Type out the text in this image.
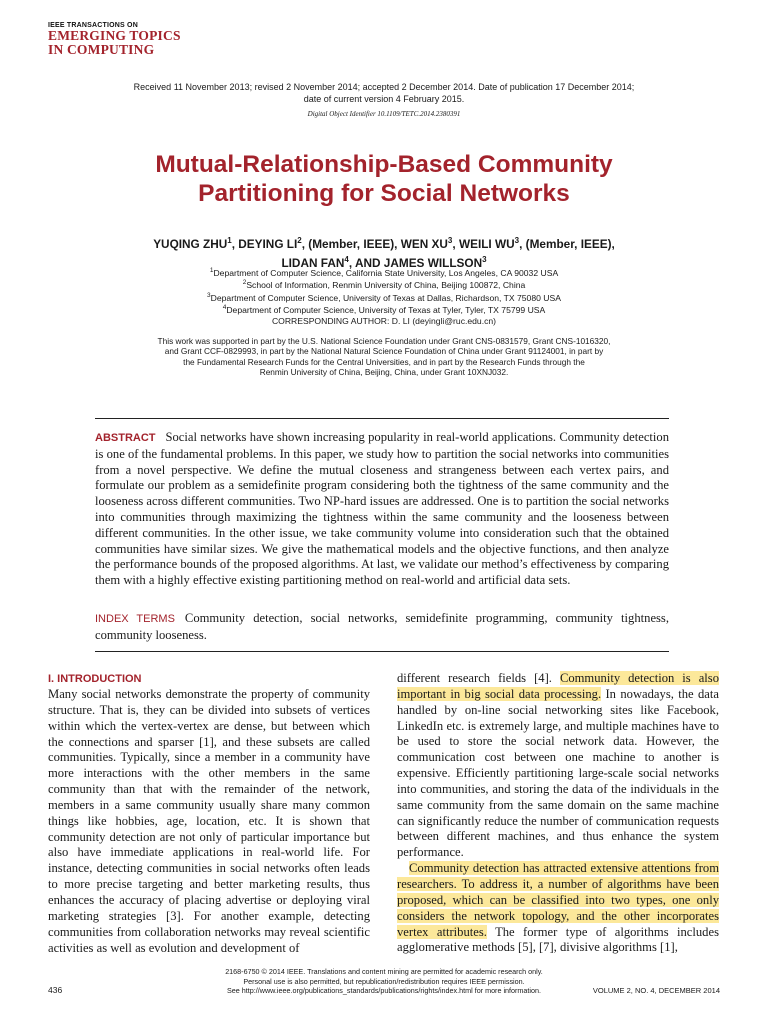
IEEE TRANSACTIONS ON
EMERGING TOPICS
IN COMPUTING
Received 11 November 2013; revised 2 November 2014; accepted 2 December 2014. Date of publication 17 December 2014;
date of current version 4 February 2015.
Digital Object Identifier 10.1109/TETC.2014.2380391
Mutual-Relationship-Based Community
Partitioning for Social Networks
YUQING ZHU$^1$, DEYING $LI^2$, (Member, IEEE), WEN $XU^3$, WEILI $WU^3$, (Member, IEEE),
LIDAN FAN$^4$, AND JAMES WILLSON$^3$
$^1$Department of Computer Science, California State University, Los Angeles, CA 90032 USA
$^2$School of Information, Renmin University of China, Beijing 100872, China
$^3$Department of Computer Science, University of Texas at Dallas, Richardson, TX 75080 USA
$^4$Department of Computer Science, University of Texas at Tyler, Tyler, TX 75799 USA
CORRESPONDING AUTHOR: D. LI (deyingli@ruc.edu.cn)
This work was supported in part by the U.S. National Science Foundation under Grant CNS-0831579, Grant CNS-1016320,
and Grant CCF-0829993, in part by the National Natural Science Foundation of China under Grant 91124001, in part by
the Fundamental Research Funds for the Central Universities, and in part by the Research Funds through the
Renmin University of China, Beijing, China, under Grant 10XNJ032.
ABSTRACT Social networks have shown increasing popularity in real-world applications. Community detection is one of the fundamental problems. In this paper, we study how to partition the social networks into communities from a novel perspective. We define the mutual closeness and strangeness between each vertex pairs, and formulate our problem as a semidefinite program considering both the tightness of the same community and the looseness across different communities. Two NP-hard issues are addressed. One is to partition the social networks into communities through maximizing the tightness within the same community and the looseness between different communities. In the other issue, we take community volume into consideration such that the obtained communities have similar sizes. We give the mathematical models and the objective functions, and then analyze the performance bounds of the proposed algorithms. At last, we validate our method’s effectiveness by comparing them with a highly effective existing partitioning method on real-world and artificial data sets.
INDEX TERMS Community detection, social networks, semidefinite programming, community tightness, community looseness.
I. INTRODUCTION

Many social networks demonstrate the property of community structure. That is, they can be divided into subsets of vertices within which the vertex-vertex are dense, but between which the connections and sparser [1], and these subsets are called communities. Typically, since a member in a community have more interactions with the other members in the same community than that with the remainder of the network, members in a same community usually share many common things like hobbies, age, location, etc. It is shown that community detection are not only of particular importance but also have immediate applications in real-world life. For instance, detecting communities in social networks often leads to more precise targeting and better marketing results, thus enhances the accuracy of placing advertise or deploying viral marketing strategies [3]. For another example, detecting communities from collaboration networks may reveal scientific activities as well as evolution and development of

different research fields [4]. Community detection is also important in big social data processing. In nowadays, the data handled by on-line social networking sites like Facebook, LinkedIn etc. is extremely large, and multiple machines have to be used to store the social network data. However, the communication cost between one machine to another is expensive. Efficiently partitioning large-scale social networks into communities, and storing the data of the individuals in the same community from the same domain on the same machine can significantly reduce the number of communication requests between different machines, and thus enhance the system performance.

Community detection has attracted extensive attentions from researchers. To address it, a number of algorithms have been proposed, which can be classified into two types, one only considers the network topology, and the other incorporates vertex attributes. The former type of algorithms includes agglomerative methods [5], [7], divisive algorithms [1],

2168-6750 © 2014 IEEE. Translations and content mining are permitted for academic research only.
Personal use is also permitted, but republication/redistribution requires IEEE permission.
See http://www.ieee.org/publications_standards/publications/rights/index.html for more information.
436	VOLUME 2, NO. 4, DECEMBER 2014
